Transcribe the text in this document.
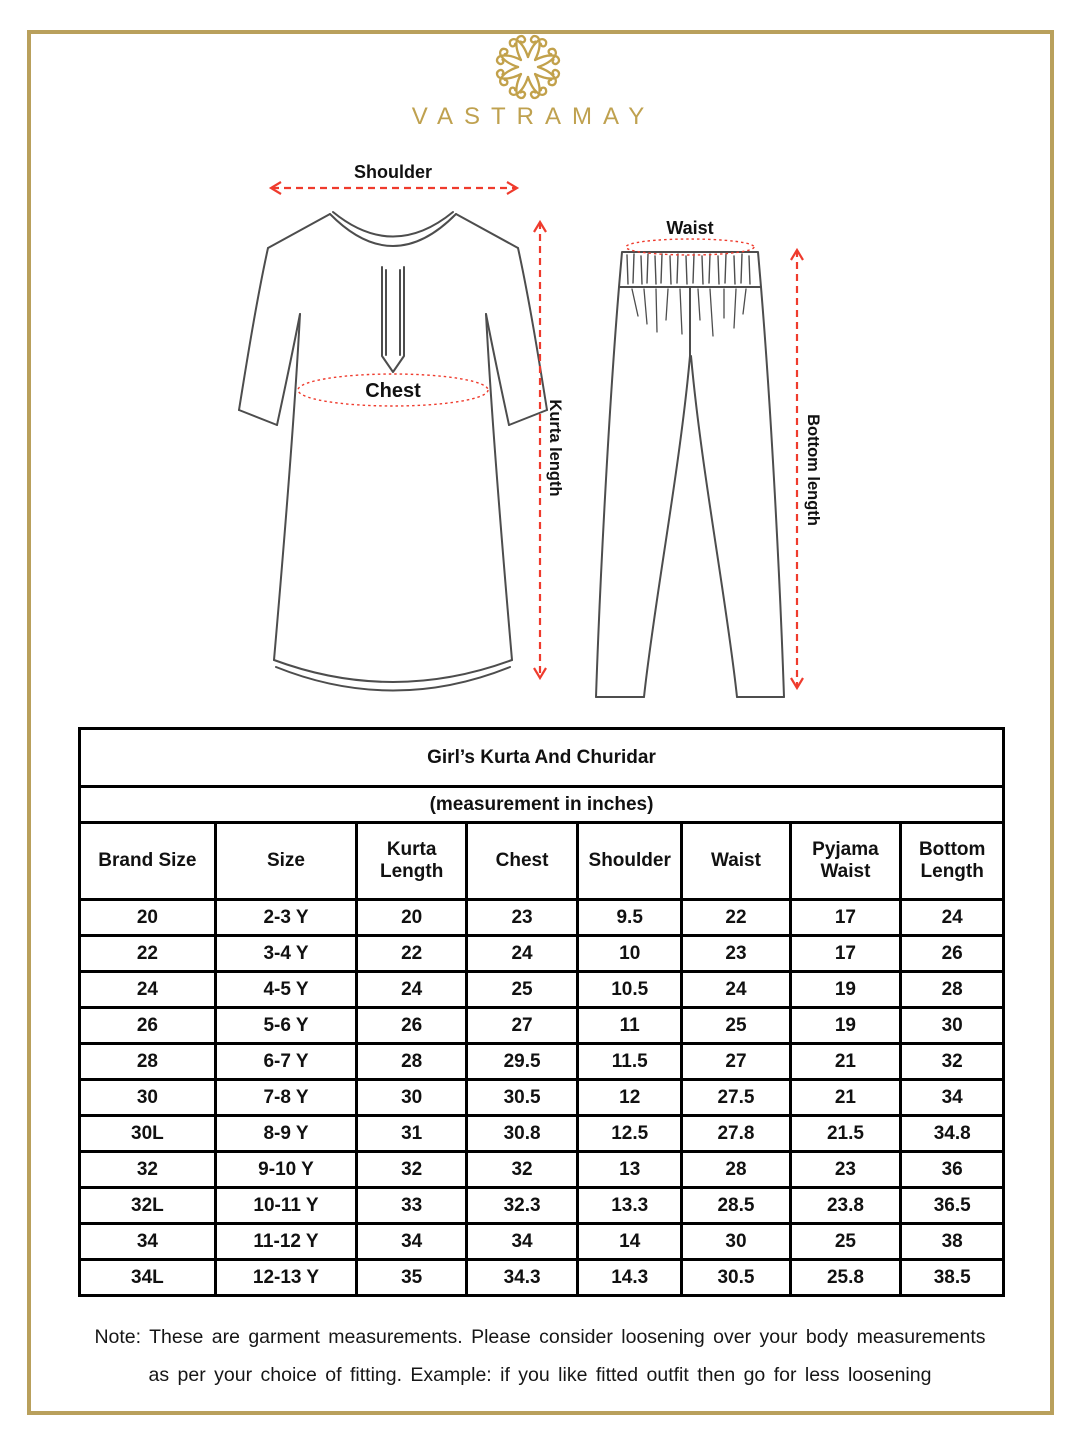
VASTRAMAY
Shoulder
Chest
Kurta length
Waist
Bottom length
Girl’s Kurta And Churidar							
(measurement in inches)							
Brand Size	Size	Kurta Length	Chest	Shoulder	Waist	Pyjama Waist	Bottom Length
20	2-3 Y	20	23	9.5	22	17	24
22	3-4 Y	22	24	10	23	17	26
24	4-5 Y	24	25	10.5	24	19	28
26	5-6 Y	26	27	11	25	19	30
28	6-7 Y	28	29.5	11.5	27	21	32
30	7-8 Y	30	30.5	12	27.5	21	34
30L	8-9 Y	31	30.8	12.5	27.8	21.5	34.8
32	9-10 Y	32	32	13	28	23	36
32L	10-11 Y	33	32.3	13.3	28.5	23.8	36.5
34	11-12 Y	34	34	14	30	25	38
34L	12-13 Y	35	34.3	14.3	30.5	25.8	38.5
Note: These are garment measurements. Please consider loosening over your body measurements
as per your choice of fitting. Example: if you like fitted outfit then go for less loosening
